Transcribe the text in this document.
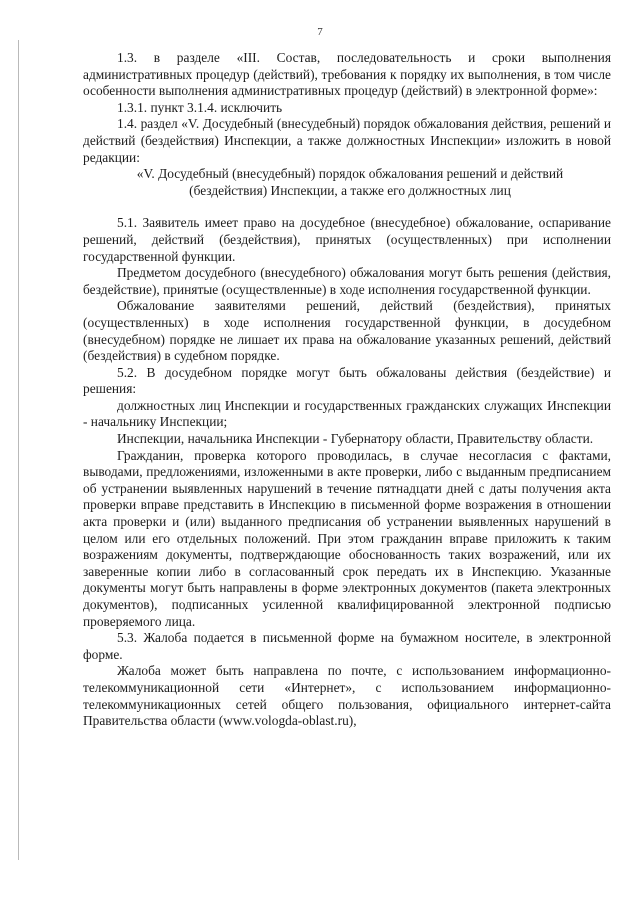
7

1.3. в разделе «III. Состав, последовательность и сроки выполнения административных процедур (действий), требования к порядку их выполнения, в том числе особенности выполнения административных процедур (действий) в электронной форме»:

1.3.1. пункт 3.1.4. исключить

1.4. раздел «V. Досудебный (внесудебный) порядок обжалования действия, решений и действий (бездействия) Инспекции, а также должностных Инспекции» изложить в новой редакции:

«V. Досудебный (внесудебный) порядок обжалования решений и действий (бездействия) Инспекции, а также его должностных лиц

5.1. Заявитель имеет право на досудебное (внесудебное) обжалование, оспаривание решений, действий (бездействия), принятых (осуществленных) при исполнении государственной функции.

Предметом досудебного (внесудебного) обжалования могут быть решения (действия, бездействие), принятые (осуществленные) в ходе исполнения государственной функции.

Обжалование заявителями решений, действий (бездействия), принятых (осуществленных) в ходе исполнения государственной функции, в досудебном (внесудебном) порядке не лишает их права на обжалование указанных решений, действий (бездействия) в судебном порядке.

5.2. В досудебном порядке могут быть обжалованы действия (бездействие) и решения:

должностных лиц Инспекции и государственных гражданских служащих Инспекции - начальнику Инспекции;

Инспекции, начальника Инспекции - Губернатору области, Правительству области.

Гражданин, проверка которого проводилась, в случае несогласия с фактами, выводами, предложениями, изложенными в акте проверки, либо с выданным предписанием об устранении выявленных нарушений в течение пятнадцати дней с даты получения акта проверки вправе представить в Инспекцию в письменной форме возражения в отношении акта проверки и (или) выданного предписания об устранении выявленных нарушений в целом или его отдельных положений. При этом гражданин вправе приложить к таким возражениям документы, подтверждающие обоснованность таких возражений, или их заверенные копии либо в согласованный срок передать их в Инспекцию. Указанные документы могут быть направлены в форме электронных документов (пакета электронных документов), подписанных усиленной квалифицированной электронной подписью проверяемого лица.

5.3. Жалоба подается в письменной форме на бумажном носителе, в электронной форме.

Жалоба может быть направлена по почте, с использованием информационно-телекоммуникационной сети «Интернет», с использованием информационно-телекоммуникационных сетей общего пользования, официального интернет-сайта Правительства области (www.vologda-oblast.ru),
